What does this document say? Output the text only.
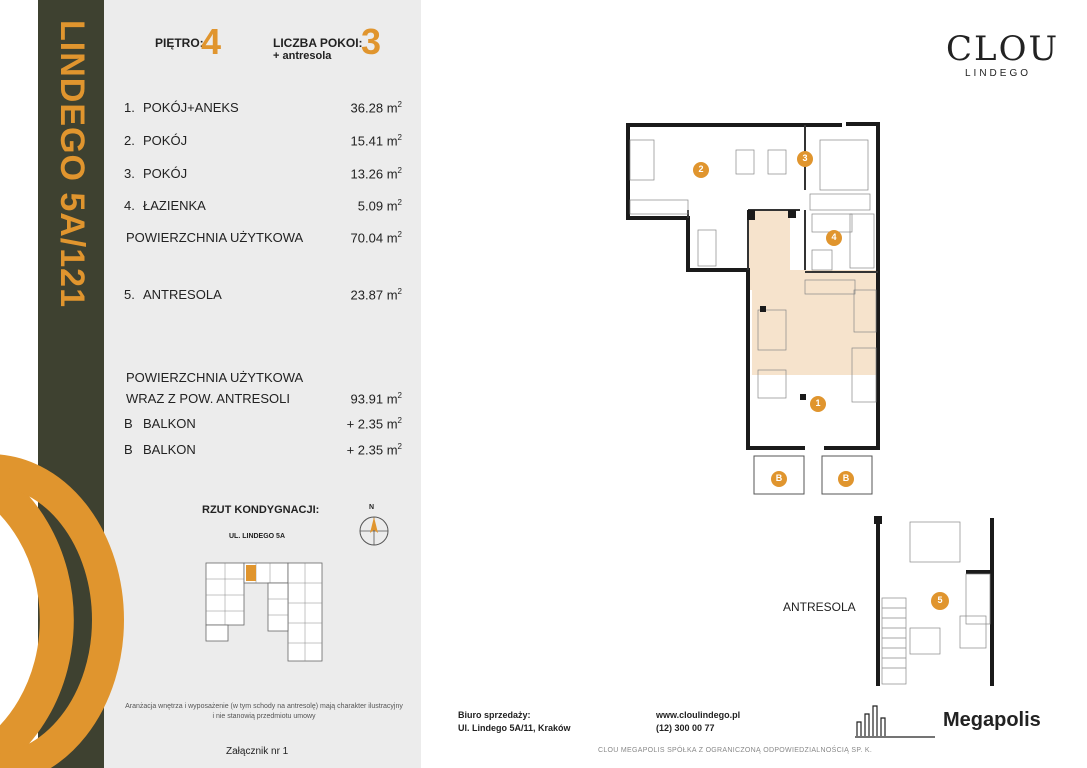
LINDEGO 5A/121	PIĘTRO:
4	LICZBA POKOI:
3
+ antresola
1. POKÓJ+ANEKS	36.28 $m^2$
2. POKÓJ	15.41 $m^2$
3. POKÓJ	13.26 $m^2$
4. ŁAZIENKA	5.09 $m^2$
POWIERZCHNIA UŻYTKOWA	70.04 $m^2$
5. ANTRESOLA	23.87 $m^2$
POWIERZCHNIA UŻYTKOWA
WRAZ Z POW. ANTRESOLI	93.91 $m^2$
B BALKON	+ 2.35 $m^2$
B BALKON	+ 2.35 $m^2$
RZUT KONDYGNACJI:
UL. LINDEGO 5A
N
Aranżacja wnętrza i wyposażenie (w tym schody na antresolę) mają charakter ilustracyjny
i nie stanowią przedmiotu umowy
Załącznik nr 1
CLOU
LINDEGO
2
3
4
1
B	B
ANTRESOLA	5
Biuro sprzedaży:
Ul. Lindego 5A/11, Kraków
www.cloulindego.pl
(12) 300 00 77	Megapolis
CLOU MEGAPOLIS SPÓŁKA Z OGRANICZONĄ ODPOWIEDZIALNOŚCIĄ SP. K.
